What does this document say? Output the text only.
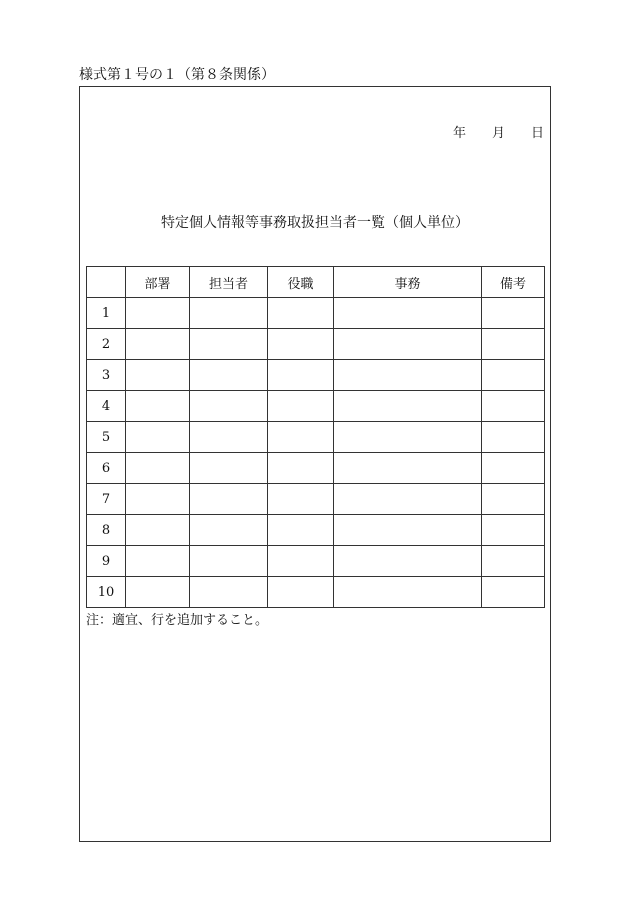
様式第１号の１（第８条関係）
年 月 日
特定個人情報等事務取扱担当者一覧（個人単位）
	部署	担当者	役職	事務	備考
1					
2					
3					
4					
5					
6					
7					
8					
9					
10					
注：適宜、行を追加すること。
